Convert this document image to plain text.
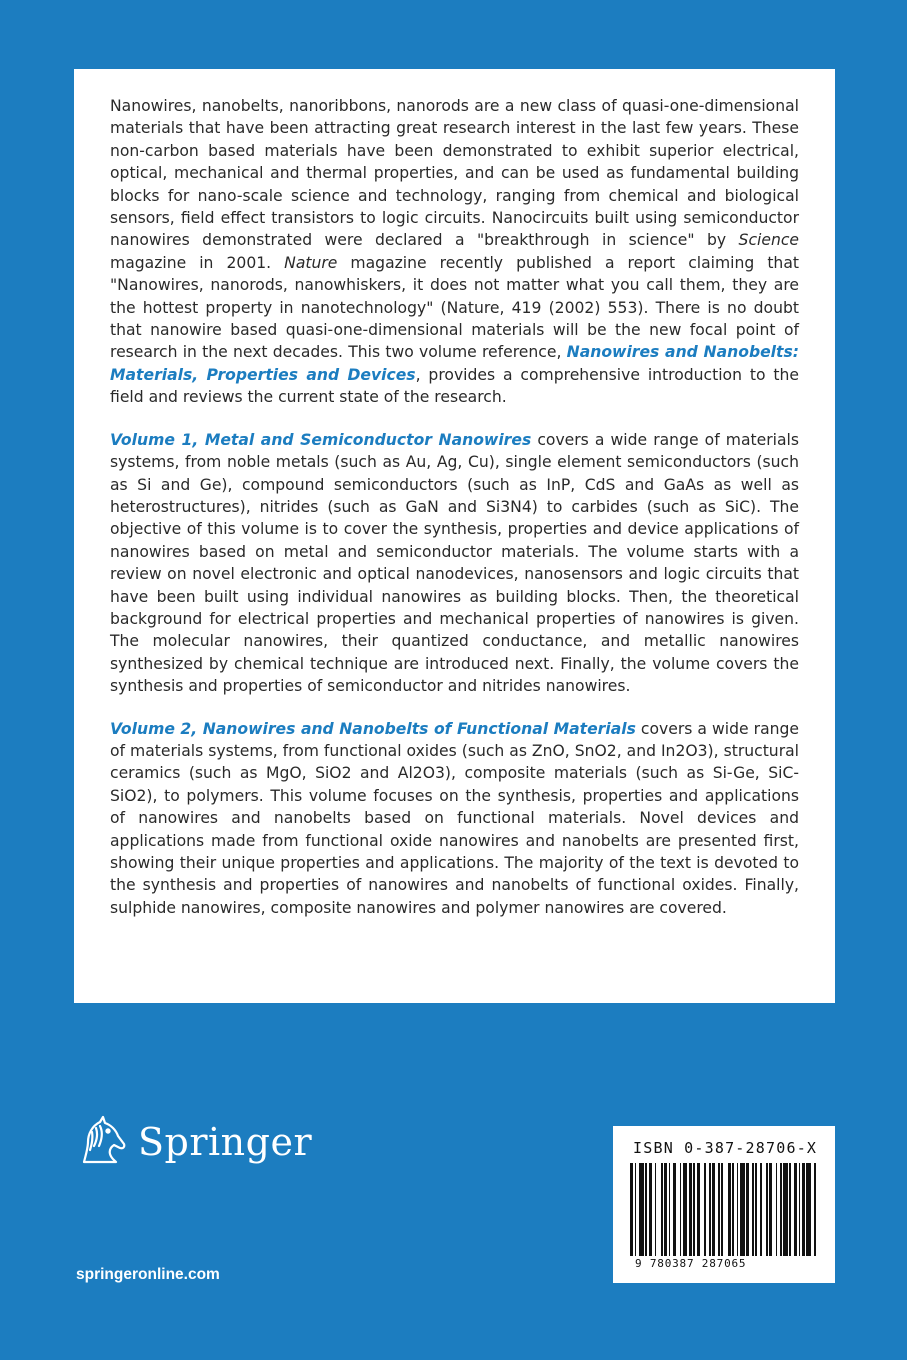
Nanowires, nanobelts, nanoribbons, nanorods are a new class of quasi-one-dimensional materials that have been attracting great research interest in the last few years. These non-carbon based materials have been demonstrated to exhibit superior electrical, optical, mechanical and thermal properties, and can be used as fundamental building blocks for nano-scale science and technology, ranging from chemical and biological sensors, field effect transistors to logic circuits. Nanocircuits built using semiconductor nanowires demonstrated were declared a "breakthrough in science" by Science magazine in 2001. Nature magazine recently published a report claiming that "Nanowires, nanorods, nanowhiskers, it does not matter what you call them, they are the hottest property in nanotechnology" (Nature, 419 (2002) 553). There is no doubt that nanowire based quasi-one-dimensional materials will be the new focal point of research in the next decades. This two volume reference, Nanowires and Nanobelts: Materials, Properties and Devices, provides a comprehensive introduction to the field and reviews the current state of the research.

Volume 1, Metal and Semiconductor Nanowires covers a wide range of materials systems, from noble metals (such as Au, Ag, Cu), single element semiconductors (such as Si and Ge), compound semiconductors (such as InP, CdS and GaAs as well as heterostructures), nitrides (such as GaN and Si3N4) to carbides (such as SiC). The objective of this volume is to cover the synthesis, properties and device applications of nanowires based on metal and semiconductor materials. The volume starts with a review on novel electronic and optical nanodevices, nanosensors and logic circuits that have been built using individual nanowires as building blocks. Then, the theoretical background for electrical properties and mechanical properties of nanowires is given. The molecular nanowires, their quantized conductance, and metallic nanowires synthesized by chemical technique are introduced next. Finally, the volume covers the synthesis and properties of semiconductor and nitrides nanowires.

Volume 2, Nanowires and Nanobelts of Functional Materials covers a wide range of materials systems, from functional oxides (such as ZnO, SnO2, and In2O3), structural ceramics (such as MgO, SiO2 and Al2O3), composite materials (such as Si-Ge, SiC- SiO2), to polymers. This volume focuses on the synthesis, properties and applications of nanowires and nanobelts based on functional materials. Novel devices and applications made from functional oxide nanowires and nanobelts are presented first, showing their unique properties and applications. The majority of the text is devoted to the synthesis and properties of nanowires and nanobelts of functional oxides. Finally, sulphide nanowires, composite nanowires and polymer nanowires are covered.

Springer
springeronline.com
ISBN 0-387-28706-X
9 780387 287065
